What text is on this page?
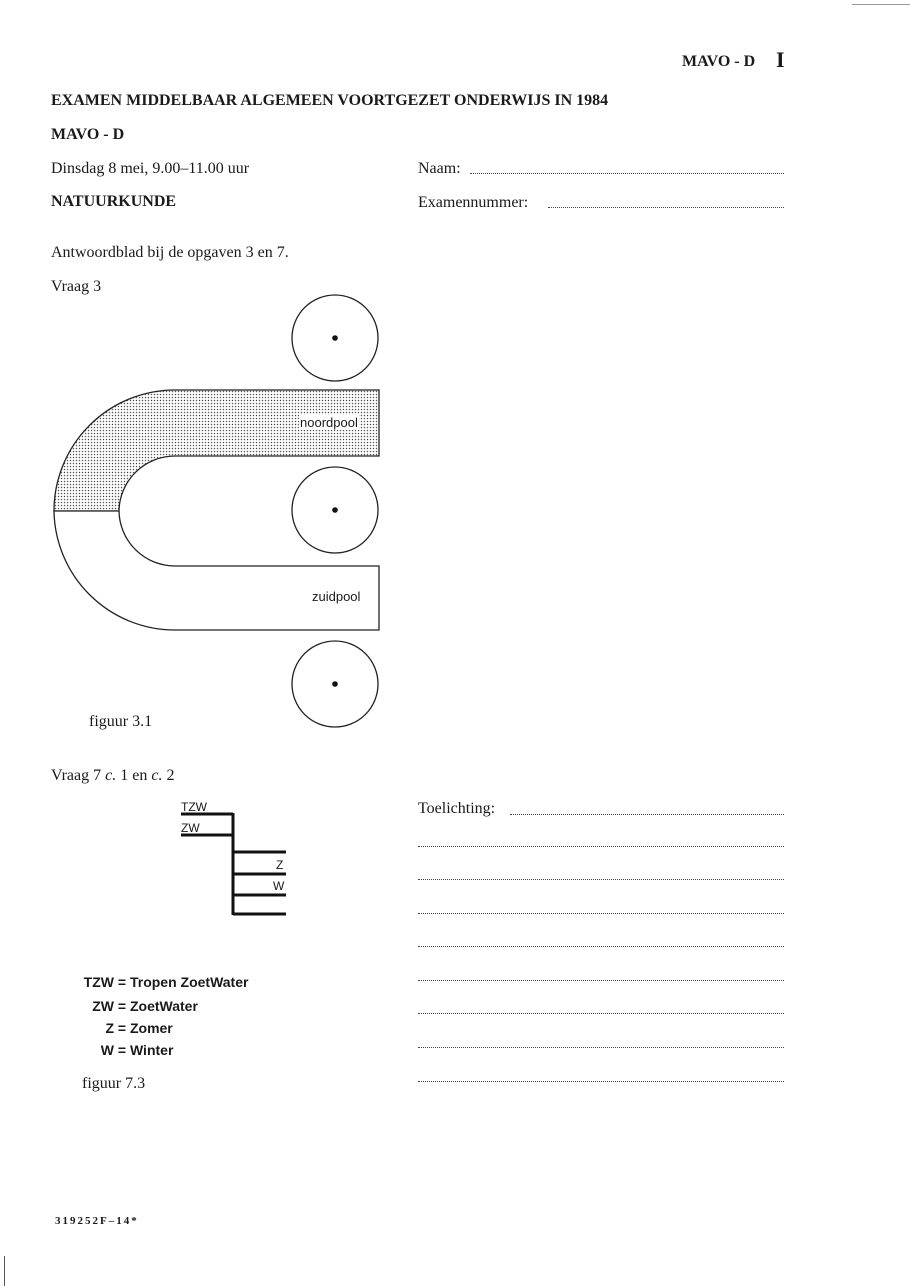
MAVO - D I
EXAMEN MIDDELBAAR ALGEMEEN VOORTGEZET ONDERWIJS IN 1984
MAVO - D
Dinsdag 8 mei, 9.00–11.00 uur
NATUURKUNDE
Naam:
Examennummer:
Antwoordblad bij de opgaven 3 en 7.
Vraag 3
noordpool
zuidpool
figuur 3.1
Vraag 7 c. 1 en c. 2
TZW
ZW
Z
W
TZW = Tropen ZoetWater
ZW = ZoetWater
Z = Zomer
W = Winter
figuur 7.3
Toelichting:
319252F–14*
